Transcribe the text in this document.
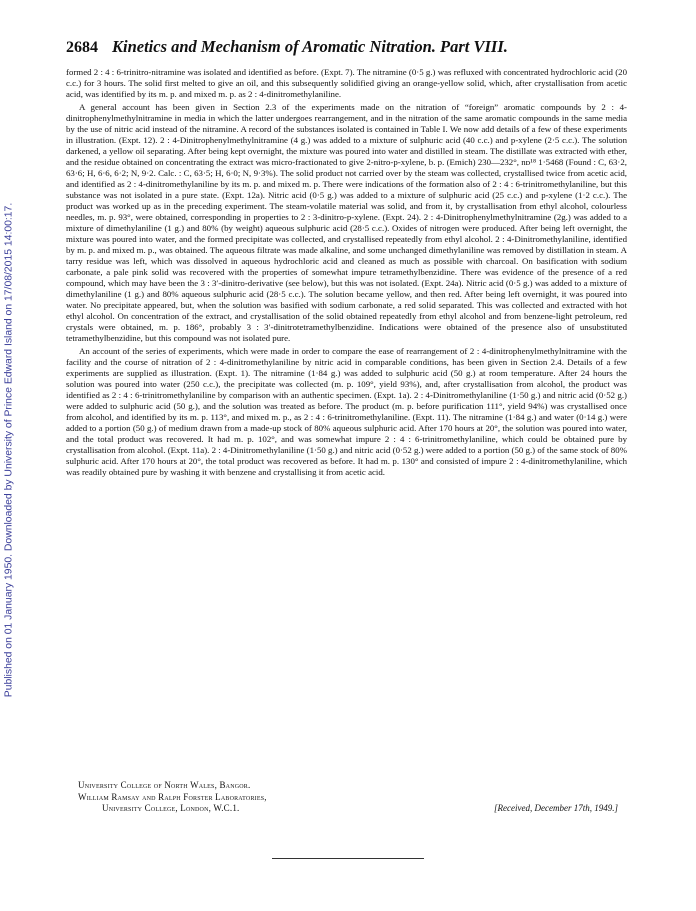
Published on 01 January 1950. Downloaded by University of Prince Edward Island on 17/08/2015 14:00:17.
2684 Kinetics and Mechanism of Aromatic Nitration. Part VIII.

formed 2 : 4 : 6-trinitro-nitramine was isolated and identified as before. (Expt. 7). The nitramine (0·5 g.) was refluxed with concentrated hydrochloric acid (20 c.c.) for 3 hours. The solid first melted to give an oil, and this subsequently solidified giving an orange-yellow solid, which, after crystallisation from acetic acid, was identified by its m. p. and mixed m. p. as 2 : 4-dinitromethylaniline.

A general account has been given in Section 2.3 of the experiments made on the nitration of “foreign” aromatic compounds by 2 : 4-dinitrophenylmethylnitramine in media in which the latter undergoes rearrangement, and in the nitration of the same aromatic compounds in the same media by the use of nitric acid instead of the nitramine. A record of the substances isolated is contained in Table I. We now add details of a few of these experiments in illustration. (Expt. 12). 2 : 4-Dinitrophenylmethylnitramine (4 g.) was added to a mixture of sulphuric acid (40 c.c.) and p-xylene (2·5 c.c.). The solution darkened, a yellow oil separating. After being kept overnight, the mixture was poured into water and distilled in steam. The distillate was extracted with ether, and the residue obtained on concentrating the extract was micro-fractionated to give 2-nitro-p-xylene, b. p. (Emich) 230—232°, nᴅ¹⁸ 1·5468 (Found : C, 63·2, 63·6; H, 6·6, 6·2; N, 9·2. Calc. : C, 63·5; H, 6·0; N, 9·3%). The solid product not carried over by the steam was collected, crystallised twice from acetic acid, and identified as 2 : 4-dinitromethylaniline by its m. p. and mixed m. p. There were indications of the formation also of 2 : 4 : 6-trinitromethylaniline, but this substance was not isolated in a pure state. (Expt. 12a). Nitric acid (0·5 g.) was added to a mixture of sulphuric acid (25 c.c.) and p-xylene (1·2 c.c.). The product was worked up as in the preceding experiment. The steam-volatile material was solid, and from it, by crystallisation from ethyl alcohol, colourless needles, m. p. 93°, were obtained, corresponding in properties to 2 : 3-dinitro-p-xylene. (Expt. 24). 2 : 4-Dinitrophenylmethylnitramine (2g.) was added to a mixture of dimethylaniline (1 g.) and 80% (by weight) aqueous sulphuric acid (28·5 c.c.). Oxides of nitrogen were produced. After being left overnight, the mixture was poured into water, and the formed precipitate was collected, and crystallised repeatedly from ethyl alcohol. 2 : 4-Dinitromethylaniline, identified by m. p. and mixed m. p., was obtained. The aqueous filtrate was made alkaline, and some unchanged dimethylaniline was removed by distillation in steam. A tarry residue was left, which was dissolved in aqueous hydrochloric acid and cleaned as much as possible with charcoal. On basification with sodium carbonate, a pale pink solid was recovered with the properties of somewhat impure tetramethylbenzidine. There was evidence of the presence of a red compound, which may have been the 3 : 3′-dinitro-derivative (see below), but this was not isolated. (Expt. 24a). Nitric acid (0·5 g.) was added to a mixture of dimethylaniline (1 g.) and 80% aqueous sulphuric acid (28·5 c.c.). The solution became yellow, and then red. After being left overnight, it was poured into water. No precipitate appeared, but, when the solution was basified with sodium carbonate, a red solid separated. This was collected and extracted with hot ethyl alcohol. On concentration of the extract, and crystallisation of the solid obtained repeatedly from ethyl alcohol and from benzene-light petroleum, red crystals were obtained, m. p. 186°, probably 3 : 3′-dinitrotetramethylbenzidine. Indications were obtained of the presence also of unsubstituted tetramethylbenzidine, but this compound was not isolated pure.

An account of the series of experiments, which were made in order to compare the ease of rearrangement of 2 : 4-dinitrophenylmethylnitramine with the facility and the course of nitration of 2 : 4-dinitromethylaniline by nitric acid in comparable conditions, has been given in Section 2.4. Details of a few experiments are supplied as illustration. (Expt. 1). The nitramine (1·84 g.) was added to sulphuric acid (50 g.) at room temperature. After 24 hours the solution was poured into water (250 c.c.), the precipitate was collected (m. p. 109°, yield 93%), and, after crystallisation from alcohol, the product was identified as 2 : 4 : 6-trinitromethylaniline by comparison with an authentic specimen. (Expt. 1a). 2 : 4-Dinitromethylaniline (1·50 g.) and nitric acid (0·52 g.) were added to sulphuric acid (50 g.), and the solution was treated as before. The product (m. p. before purification 111°, yield 94%) was crystallised once from alcohol, and identified by its m. p. 113°, and mixed m. p., as 2 : 4 : 6-trinitromethylaniline. (Expt. 11). The nitramine (1·84 g.) and water (0·14 g.) were added to a portion (50 g.) of medium drawn from a made-up stock of 80% aqueous sulphuric acid. After 170 hours at 20°, the solution was poured into water, and the total product was recovered. It had m. p. 102°, and was somewhat impure 2 : 4 : 6-trinitromethylaniline, which could be obtained pure by crystallisation from alcohol. (Expt. 11a). 2 : 4-Dinitromethylaniline (1·50 g.) and nitric acid (0·52 g.) were added to a portion (50 g.) of the same stock of 80% sulphuric acid. After 170 hours at 20°, the total product was recovered as before. It had m. p. 130° and consisted of impure 2 : 4-dinitromethylaniline, which was readily obtained pure by washing it with benzene and crystallising it from acetic acid.

University College of North Wales, Bangor.
William Ramsay and Ralph Forster Laboratories,
University College, London, W.C.1.	[Received, December 17th, 1949.]
